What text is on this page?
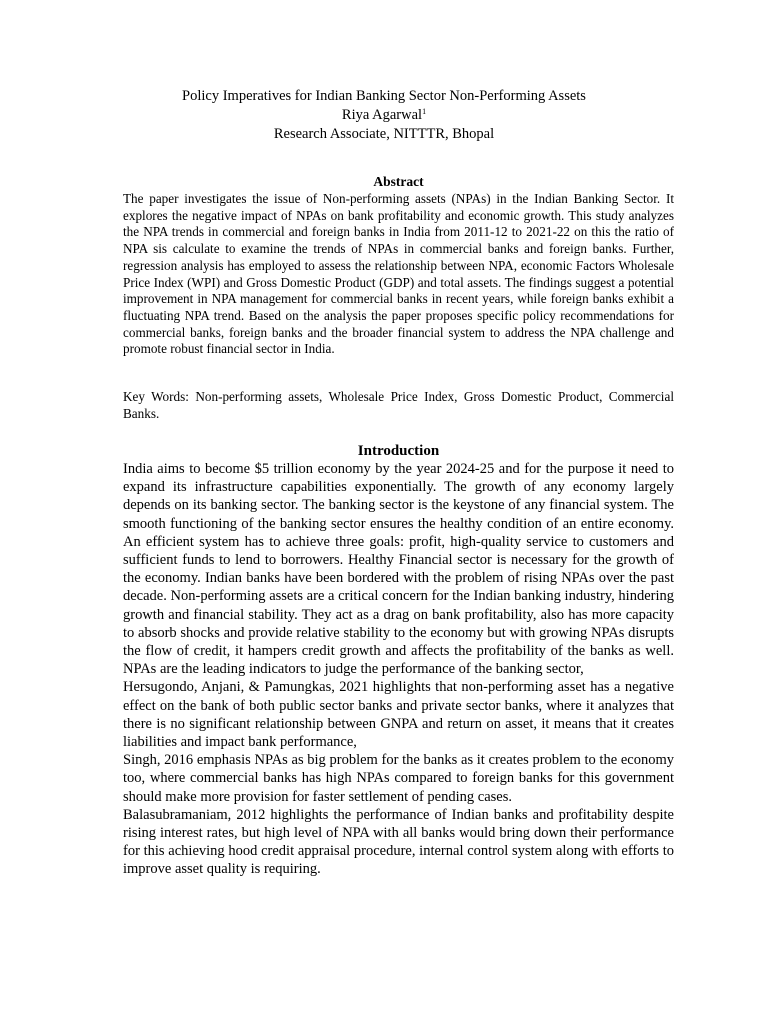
Policy Imperatives for Indian Banking Sector Non-Performing Assets
Riya Agarwal$^1$
Research Associate, NITTTR, Bhopal
Abstract
The paper investigates the issue of Non-performing assets (NPAs) in the Indian Banking Sector. It explores the negative impact of NPAs on bank profitability and economic growth. This study analyzes the NPA trends in commercial and foreign banks in India from 2011-12 to 2021-22 on this the ratio of NPA sis calculate to examine the trends of NPAs in commercial banks and foreign banks. Further, regression analysis has employed to assess the relationship between NPA, economic Factors Wholesale Price Index (WPI) and Gross Domestic Product (GDP) and total assets. The findings suggest a potential improvement in NPA management for commercial banks in recent years, while foreign banks exhibit a fluctuating NPA trend. Based on the analysis the paper proposes specific policy recommendations for commercial banks, foreign banks and the broader financial system to address the NPA challenge and promote robust financial sector in India.
Key Words: Non-performing assets, Wholesale Price Index, Gross Domestic Product, Commercial Banks.
Introduction

India aims to become $5 trillion economy by the year 2024-25 and for the purpose it need to expand its infrastructure capabilities exponentially. The growth of any economy largely depends on its banking sector. The banking sector is the keystone of any financial system. The smooth functioning of the banking sector ensures the healthy condition of an entire economy. An efficient system has to achieve three goals: profit, high-quality service to customers and sufficient funds to lend to borrowers. Healthy Financial sector is necessary for the growth of the economy. Indian banks have been bordered with the problem of rising NPAs over the past decade. Non-performing assets are a critical concern for the Indian banking industry, hindering growth and financial stability. They act as a drag on bank profitability, also has more capacity to absorb shocks and provide relative stability to the economy but with growing NPAs disrupts the flow of credit, it hampers credit growth and affects the profitability of the banks as well. NPAs are the leading indicators to judge the performance of the banking sector,

Hersugondo, Anjani, & Pamungkas, 2021 highlights that non-performing asset has a negative effect on the bank of both public sector banks and private sector banks, where it analyzes that there is no significant relationship between GNPA and return on asset, it means that it creates liabilities and impact bank performance,

Singh, 2016 emphasis NPAs as big problem for the banks as it creates problem to the economy too, where commercial banks has high NPAs compared to foreign banks for this government should make more provision for faster settlement of pending cases.

Balasubramaniam, 2012 highlights the performance of Indian banks and profitability despite rising interest rates, but high level of NPA with all banks would bring down their performance for this achieving hood credit appraisal procedure, internal control system along with efforts to improve asset quality is requiring.
